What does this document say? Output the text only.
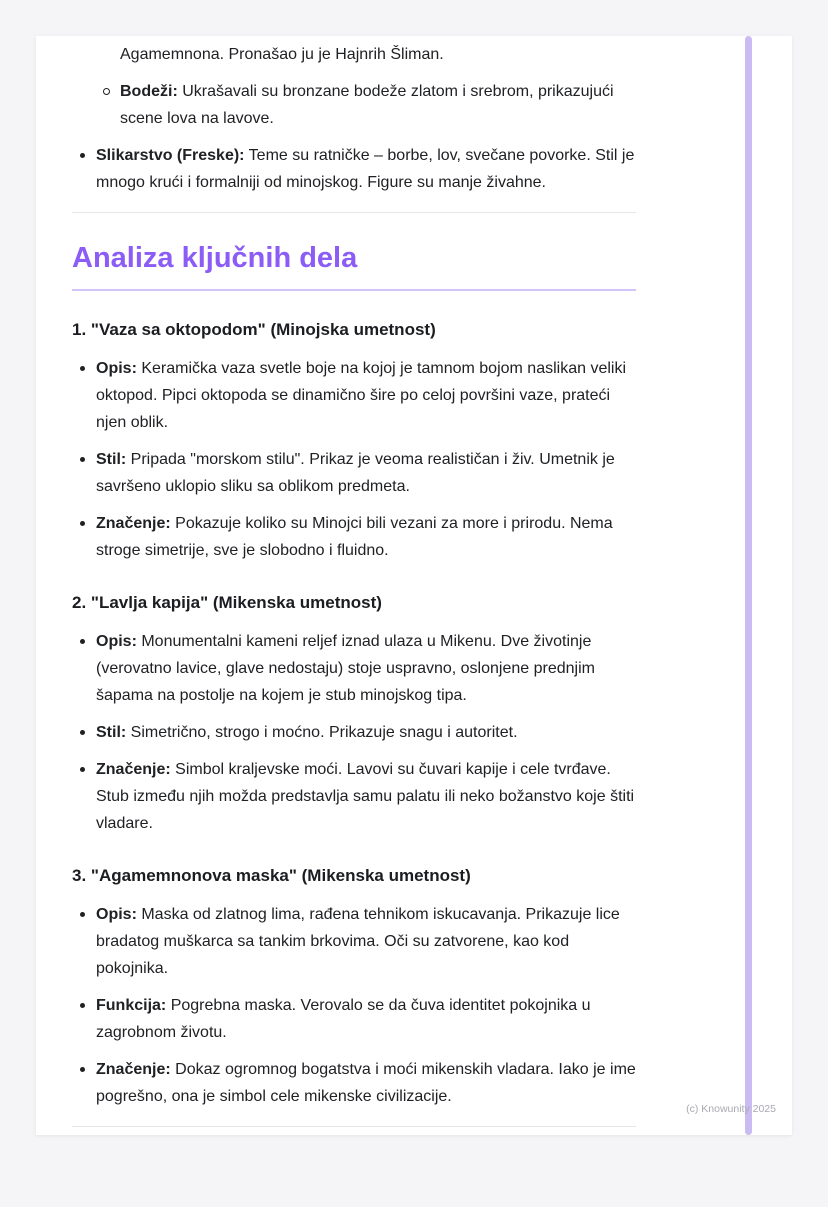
Agamemnona. Pronašao ju je Hajnrih Šliman.
Bodeži: Ukrašavali su bronzane bodeže zlatom i srebrom, prikazujući scene lova na lavove.
Slikarstvo (Freske): Teme su ratničke – borbe, lov, svečane povorke. Stil je mnogo krući i formalniji od minojskog. Figure su manje živahne.
Analiza ključnih dela
1. "Vaza sa oktopodom" (Minojska umetnost)
Opis: Keramička vaza svetle boje na kojoj je tamnom bojom naslikan veliki oktopod. Pipci oktopoda se dinamično šire po celoj površini vaze, prateći njen oblik.
Stil: Pripada "morskom stilu". Prikaz je veoma realističan i živ. Umetnik je savršeno uklopio sliku sa oblikom predmeta.
Značenje: Pokazuje koliko su Minojci bili vezani za more i prirodu. Nema stroge simetrije, sve je slobodno i fluidno.
2. "Lavlja kapija" (Mikenska umetnost)
Opis: Monumentalni kameni reljef iznad ulaza u Mikenu. Dve životinje (verovatno lavice, glave nedostaju) stoje uspravno, oslonjene prednjim šapama na postolje na kojem je stub minojskog tipa.
Stil: Simetrično, strogo i moćno. Prikazuje snagu i autoritet.
Značenje: Simbol kraljevske moći. Lavovi su čuvari kapije i cele tvrđave. Stub između njih možda predstavlja samu palatu ili neko božanstvo koje štiti vladare.
3. "Agamemnonova maska" (Mikenska umetnost)
Opis: Maska od zlatnog lima, rađena tehnikom iskucavanja. Prikazuje lice bradatog muškarca sa tankim brkovima. Oči su zatvorene, kao kod pokojnika.
Funkcija: Pogrebna maska. Verovalo se da čuva identitet pokojnika u zagrobnom životu.
Značenje: Dokaz ogromnog bogatstva i moći mikenskih vladara. Iako je ime pogrešno, ona je simbol cele mikenske civilizacije.
(c) Knowunity 2025
